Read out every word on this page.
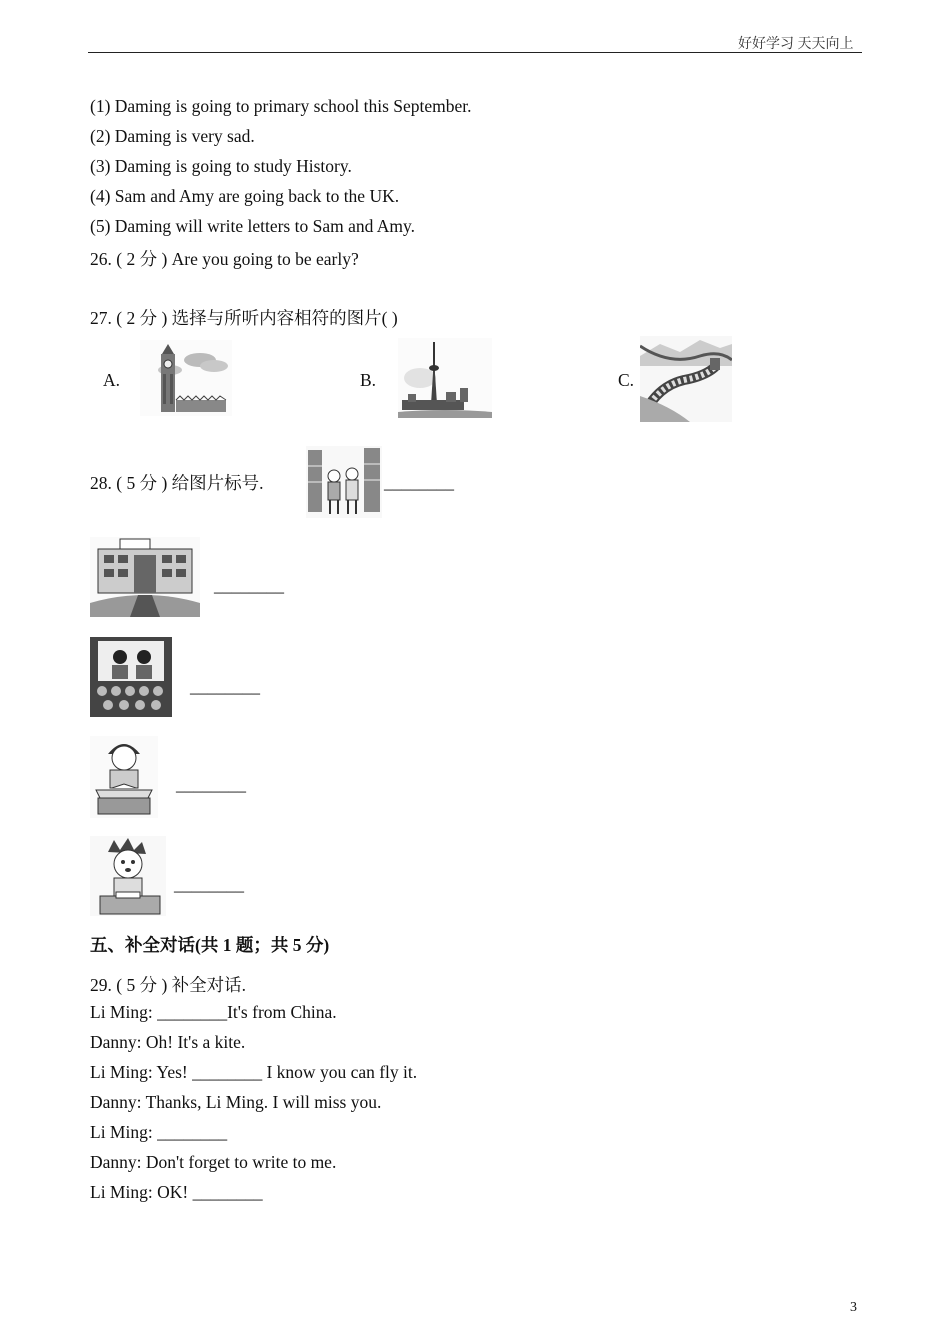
好好学习 天天向上
(1) Daming is going to primary school this September.
(2) Daming is very sad.
(3) Daming is going to study History.
(4) Sam and Amy are going back to the UK.
(5) Daming will write letters to Sam and Amy.
26. ( 2 分 ) Are you going to be early?
27. ( 2 分 ) 选择与所听内容相符的图片( )
A.	B.	C.
28. ( 5 分 ) 给图片标号.	________
________
________
________
________
五、补全对话(共 1 题；共 5 分)
29. ( 5 分 ) 补全对话.
Li Ming: ________It's from China.
Danny: Oh! It's a kite.
Li Ming: Yes! ________ I know you can fly it.
Danny: Thanks, Li Ming. I will miss you.
Li Ming: ________
Danny: Don't forget to write to me.
Li Ming: OK! ________
3
